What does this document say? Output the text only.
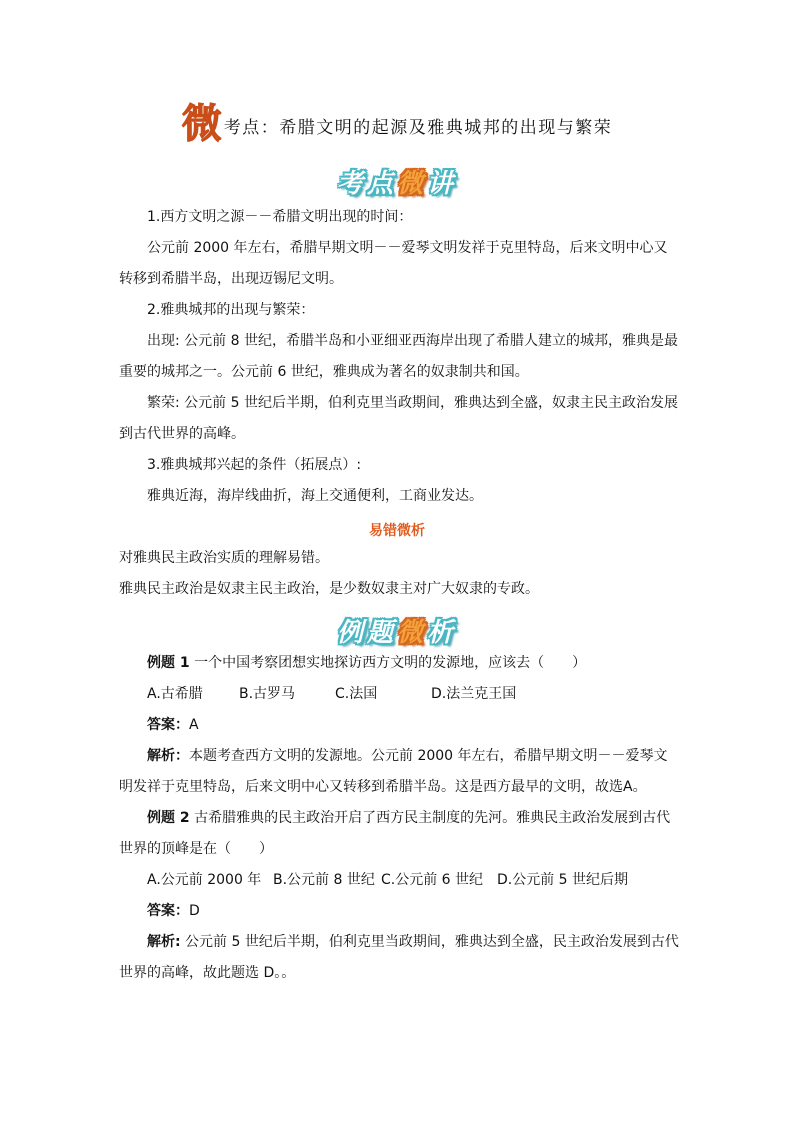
微考点：希腊文明的起源及雅典城邦的出现与繁荣
考点微讲
1.西方文明之源－－希腊文明出现的时间：
公元前 2000 年左右，希腊早期文明－－爱琴文明发祥于克里特岛，后来文明中心又转移到希腊半岛，出现迈锡尼文明。
2.雅典城邦的出现与繁荣：
出现: 公元前 8 世纪，希腊半岛和小亚细亚西海岸出现了希腊人建立的城邦，雅典是最重要的城邦之一。公元前 6 世纪，雅典成为著名的奴隶制共和国。
繁荣: 公元前 5 世纪后半期，伯利克里当政期间，雅典达到全盛，奴隶主民主政治发展到古代世界的高峰。
3.雅典城邦兴起的条件（拓展点）:
雅典近海，海岸线曲折，海上交通便利，工商业发达。
易错微析
对雅典民主政治实质的理解易错。
雅典民主政治是奴隶主民主政治，是少数奴隶主对广大奴隶的专政。
例题微析
例题 1 一个中国考察团想实地探访西方文明的发源地，应该去（　　）
A.古希腊	B.古罗马	C.法国	D.法兰克王国
答案：A
解析：本题考查西方文明的发源地。公元前 2000 年左右，希腊早期文明－－爱琴文明发祥于克里特岛，后来文明中心又转移到希腊半岛。这是西方最早的文明，故选A。
例题 2 古希腊雅典的民主政治开启了西方民主制度的先河。雅典民主政治发展到古代世界的顶峰是在（　　）
A.公元前 2000 年 B.公元前 8 世纪 C.公元前 6 世纪 D.公元前 5 世纪后期
答案：D
解析: 公元前 5 世纪后半期，伯利克里当政期间，雅典达到全盛，民主政治发展到古代世界的高峰，故此题选 D。。
